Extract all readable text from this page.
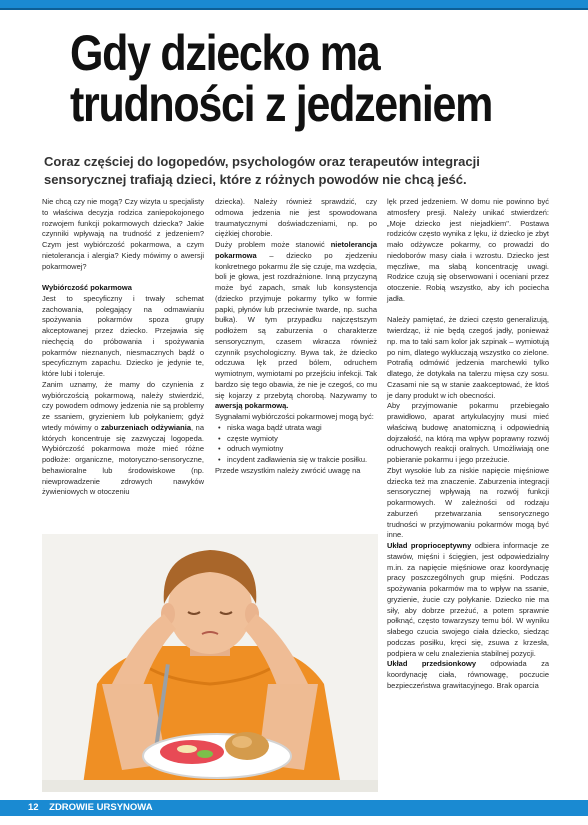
Gdy dziecko ma
trudności z jedzeniem

Coraz częściej do logopedów, psychologów oraz terapeutów integracji sensorycznej trafiają dzieci, które z różnych powodów nie chcą jeść.

Nie chcą czy nie mogą? Czy wizyta u specjalisty to właściwa decyzja rodzica zaniepokojonego rozwojem funkcji pokarmowych dziecka? Jakie czynniki wpływają na trudność z jedzeniem? Czym jest wybiórczość pokarmowa, a czym nietolerancja i alergia? Kiedy mówimy o awersji pokarmowej?

Wybiórczość pokarmowa

Jest to specyficzny i trwały schemat zachowania, polegający na odmawianiu spożywania pokarmów spoza grupy akceptowanej przez dziecko. Przejawia się niechęcią do próbowania i spożywania pokarmów nieznanych, niesmacznych bądź o specyficznym zapachu. Dziecko je jedynie te, które lubi i toleruje.

Zanim uznamy, że mamy do czynienia z wybiórczością pokarmową, należy stwierdzić, czy powodem odmowy jedzenia nie są problemy ze ssaniem, gryzieniem lub połykaniem; gdyż wtedy mówimy o zaburzeniach odżywiania, na których koncentruje się zazwyczaj logopeda. Wybiórczość pokarmowa może mieć różne podłoże: organiczne, motoryczno-sensoryczne, behawioralne lub środowiskowe (np. niewprowadzenie zdrowych nawyków żywieniowych w otoczeniu

dziecka). Należy również sprawdzić, czy odmowa jedzenia nie jest spowodowana traumatycznymi doświadczeniami, np. po ciężkiej chorobie.

Duży problem może stanowić nietolerancja pokarmowa – dziecko po zjedzeniu konkretnego pokarmu źle się czuje, ma wzdęcia, boli je głowa, jest rozdrażnione. Inną przyczyną może być zapach, smak lub konsystencja (dziecko przyjmuje pokarmy tylko w formie papki, płynów lub przeciwnie twarde, np. sucha bułka). W tym przypadku najczęstszym podłożem są zaburzenia o charakterze sensorycznym, czasem wkracza również czynnik psychologiczny. Bywa tak, że dziecko odczuwa lęk przed bólem, odruchem wymiotnym, wymiotami po przejściu infekcji. Tak bardzo się tego obawia, że nie je czegoś, co mu się kojarzy z przebytą chorobą. Nazywamy to awersją pokarmową.

Sygnałami wybiórczości pokarmowej mogą być:

• niska waga bądź utrata wagi
• częste wymioty
• odruch wymiotny
• incydent zadławienia się w trakcie posiłku.

Przede wszystkim należy zwrócić uwagę na

lęk przed jedzeniem. W domu nie powinno być atmosfery presji. Należy unikać stwierdzeń: „Moje dziecko jest niejadkiem". Postawa rodziców często wynika z lęku, iż dziecko je zbyt mało odżywcze pokarmy, co prowadzi do niedoborów masy ciała i wzrostu. Dziecko jest męczliwe, ma słabą koncentrację uwagi. Rodzice czują się obserwowani i oceniani przez otoczenie. Robią wszystko, aby ich pociecha jadła.

Należy pamiętać, że dzieci często generalizują, twierdząc, iż nie będą czegoś jadły, ponieważ np. ma to taki sam kolor jak szpinak – wymiotują po nim, dlatego wykluczają wszystko co zielone. Potrafią odmówić jedzenia marchewki tylko dlatego, że dotykała na talerzu mięsa czy sosu. Czasami nie są w stanie zaakceptować, że ktoś je dany produkt w ich obecności.

Aby przyjmowanie pokarmu przebiegało prawidłowo, aparat artykulacyjny musi mieć właściwą budowę anatomiczną i odpowiednią dojrzałość, na którą ma wpływ poprawny rozwój odruchowych reakcji oralnych. Umożliwiają one pobieranie pokarmu i jego przeżucie.

Zbyt wysokie lub za niskie napięcie mięśniowe dziecka też ma znaczenie. Zaburzenia integracji sensorycznej wpływają na rozwój funkcji pokarmowych. W zależności od rodzaju zaburzeń przetwarzania sensorycznego trudności w przyjmowaniu pokarmów mogą być inne.

Układ proprioceptywny odbiera informacje ze stawów, mięśni i ścięgien, jest odpowiedzialny m.in. za napięcie mięśniowe oraz koordynację pracy poszczególnych grup mięśni. Podczas spożywania pokarmów ma to wpływ na ssanie, gryzienie, żucie czy połykanie. Dziecko nie ma siły, aby dobrze przeżuć, a potem sprawnie połknąć, często towarzyszy temu ból. W wyniku słabego czucia swojego ciała dziecko, siedząc podczas posiłku, kręci się, zsuwa z krzesła, podpiera w celu znalezienia stabilnej pozycji.

Układ przedsionkowy odpowiada za koordynację ciała, równowagę, poczucie bezpieczeństwa grawitacyjnego. Brak oparcia

12 ZDROWIE URSYNOWA
